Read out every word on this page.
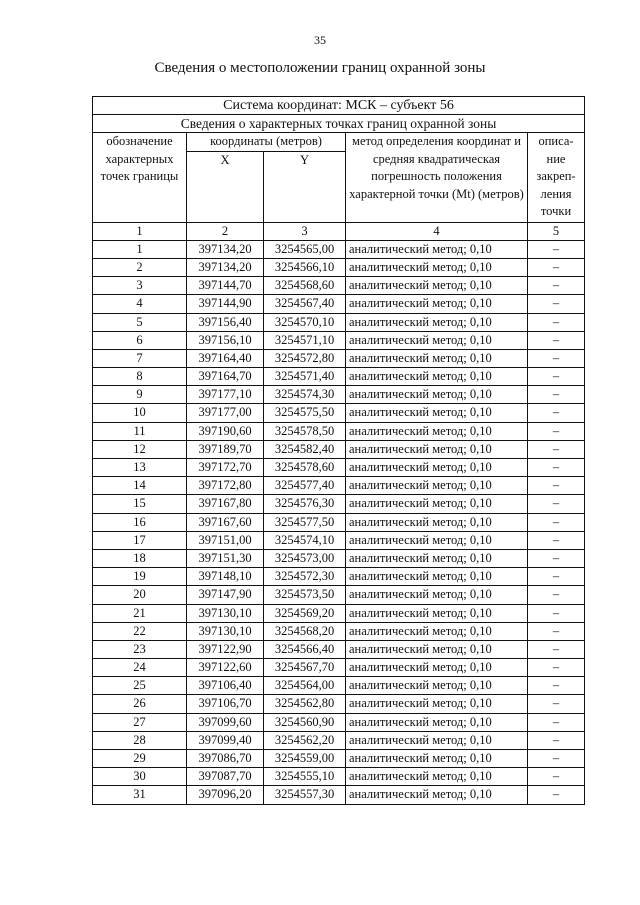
35
Сведения о местоположении границ охранной зоны
Система координат: МСК – субъект 56				
Сведения о характерных точках границ охранной зоны				
обозначение характерных точек границы	координаты (метров)		метод определения координат и средняя квадратическая погрешность положения характерной точки (Mt) (метров)	описа-ние закреп-ления точки
	X	Y		
1	2	3	4	5
1	397134,20	3254565,00	аналитический метод; 0,10	–
2	397134,20	3254566,10	аналитический метод; 0,10	–
3	397144,70	3254568,60	аналитический метод; 0,10	–
4	397144,90	3254567,40	аналитический метод; 0,10	–
5	397156,40	3254570,10	аналитический метод; 0,10	–
6	397156,10	3254571,10	аналитический метод; 0,10	–
7	397164,40	3254572,80	аналитический метод; 0,10	–
8	397164,70	3254571,40	аналитический метод; 0,10	–
9	397177,10	3254574,30	аналитический метод; 0,10	–
10	397177,00	3254575,50	аналитический метод; 0,10	–
11	397190,60	3254578,50	аналитический метод; 0,10	–
12	397189,70	3254582,40	аналитический метод; 0,10	–
13	397172,70	3254578,60	аналитический метод; 0,10	–
14	397172,80	3254577,40	аналитический метод; 0,10	–
15	397167,80	3254576,30	аналитический метод; 0,10	–
16	397167,60	3254577,50	аналитический метод; 0,10	–
17	397151,00	3254574,10	аналитический метод; 0,10	–
18	397151,30	3254573,00	аналитический метод; 0,10	–
19	397148,10	3254572,30	аналитический метод; 0,10	–
20	397147,90	3254573,50	аналитический метод; 0,10	–
21	397130,10	3254569,20	аналитический метод; 0,10	–
22	397130,10	3254568,20	аналитический метод; 0,10	–
23	397122,90	3254566,40	аналитический метод; 0,10	–
24	397122,60	3254567,70	аналитический метод; 0,10	–
25	397106,40	3254564,00	аналитический метод; 0,10	–
26	397106,70	3254562,80	аналитический метод; 0,10	–
27	397099,60	3254560,90	аналитический метод; 0,10	–
28	397099,40	3254562,20	аналитический метод; 0,10	–
29	397086,70	3254559,00	аналитический метод; 0,10	–
30	397087,70	3254555,10	аналитический метод; 0,10	–
31	397096,20	3254557,30	аналитический метод; 0,10	–
